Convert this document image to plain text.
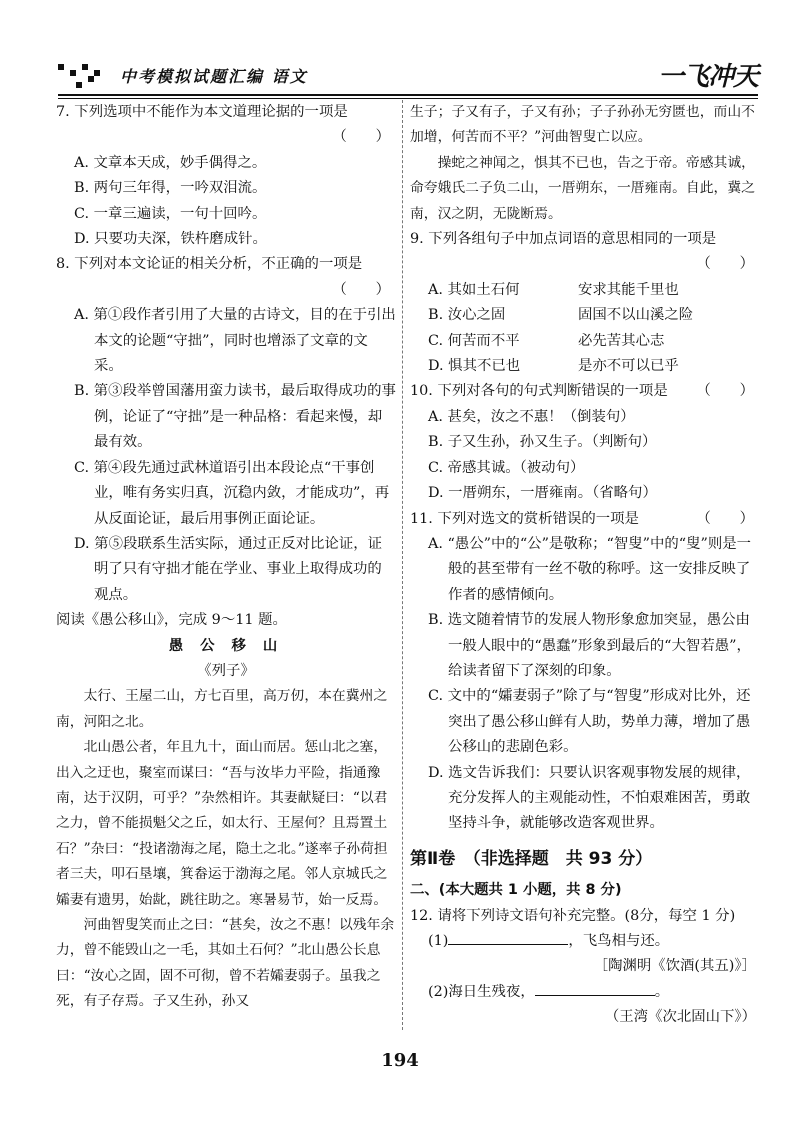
中考模拟试题汇编 语文	一飞冲天

7. 下列选项中不能作为本文道理论据的一项是

（　　）

A. 文章本天成，妙手偶得之。

B. 两句三年得，一吟双泪流。

C. 一章三遍读，一句十回吟。

D. 只要功夫深，铁杵磨成针。

8. 下列对本文论证的相关分析，不正确的一项是

（　　）

A. 第①段作者引用了大量的古诗文，目的在于引出本文的论题“守拙”，同时也增添了文章的文采。

B. 第③段举曾国藩用蛮力读书，最后取得成功的事例，论证了“守拙”是一种品格：看起来慢，却最有效。

C. 第④段先通过武林道语引出本段论点“干事创业，唯有务实归真，沉稳内敛，才能成功”，再从反面论证，最后用事例正面论证。

D. 第⑤段联系生活实际，通过正反对比论证，证明了只有守拙才能在学业、事业上取得成功的观点。

阅读《愚公移山》，完成 9～11 题。

愚 公 移 山

《列子》

太行、王屋二山，方七百里，高万仞，本在冀州之南，河阳之北。

北山愚公者，年且九十，面山而居。惩山北之塞，出入之迂也，聚室而谋曰：“吾与汝毕力平险，指通豫南，达于汉阴，可乎？”杂然相许。其妻献疑曰：“以君之力，曾不能损魁父之丘，如太行、王屋何？且焉置土石？”杂曰：“投诸渤海之尾，隐土之北。”遂率子孙荷担者三夫，叩石垦壤，箕畚运于渤海之尾。邻人京城氏之孀妻有遗男，始龀，跳往助之。寒暑易节，始一反焉。

河曲智叟笑而止之曰：“甚矣，汝之不惠！以残年余力，曾不能毁山之一毛，其如土石何？”北山愚公长息曰：“汝心之固，固不可彻，曾不若孀妻弱子。虽我之死，有子存焉。子又生孙，孙又

生子；子又有子，子又有孙；子子孙孙无穷匮也，而山不加增，何苦而不平？”河曲智叟亡以应。

操蛇之神闻之，惧其不已也，告之于帝。帝感其诚，命夸娥氏二子负二山，一厝朔东，一厝雍南。自此，冀之南，汉之阴，无陇断焉。

9. 下列各组句子中加点词语的意思相同的一项是

（　　）

A. 其如土石何	安求其能千里也
B. 汝心之固	固国不以山溪之险
C. 何苦而不平	必先苦其心志
D. 惧其不已也	是亦不可以已乎

10. 下列对各句的句式判断错误的一项是 （　　）

A. 甚矣，汝之不惠！（倒装句）

B. 子又生孙，孙又生子。（判断句）

C. 帝感其诚。（被动句）

D. 一厝朔东，一厝雍南。（省略句）

11. 下列对选文的赏析错误的一项是	（　　）

A. “愚公”中的“公”是敬称；“智叟”中的“叟”则是一般的甚至带有一丝不敬的称呼。这一安排反映了作者的感情倾向。

B. 选文随着情节的发展人物形象愈加突显，愚公由一般人眼中的“愚蠢”形象到最后的“大智若愚”，给读者留下了深刻的印象。

C. 文中的“孀妻弱子”除了与“智叟”形成对比外，还突出了愚公移山鲜有人助，势单力薄，增加了愚公移山的悲剧色彩。

D. 选文告诉我们：只要认识客观事物发展的规律，充分发挥人的主观能动性，不怕艰难困苦，勇敢坚持斗争，就能够改造客观世界。

第Ⅱ卷　（非选择题　共 93 分）

二、(本大题共 1 小题，共 8 分)

12. 请将下列诗文语句补充完整。(8分，每空 1 分)

(1)	，飞鸟相与还。

［陶渊明《饮酒(其五)》］

(2)海日生残夜，	。

（王湾《次北固山下》）

194
